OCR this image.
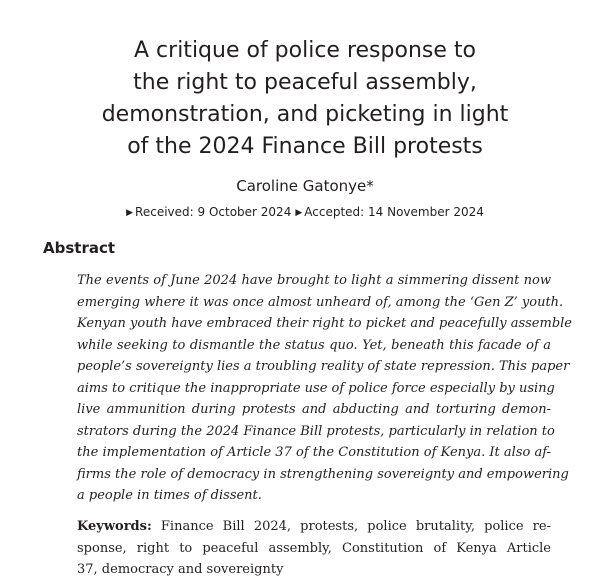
A critique of police response to
the right to peaceful assembly,
demonstration, and picketing in light
of the 2024 Finance Bill protests
Caroline Gatonye*
▶ Received: 9 October 2024 ▶ Accepted: 14 November 2024
Abstract
The events of June 2024 have brought to light a simmering dissent now
emerging where it was once almost unheard of, among the ‘Gen Z’ youth.
Kenyan youth have embraced their right to picket and peacefully assemble
while seeking to dismantle the status quo. Yet, beneath this facade of a
people’s sovereignty lies a troubling reality of state repression. This paper
aims to critique the inappropriate use of police force especially by using
live ammunition during protests and abducting and torturing demon-
strators during the 2024 Finance Bill protests, particularly in relation to
the implementation of Article 37 of the Constitution of Kenya. It also af-
firms the role of democracy in strengthening sovereignty and empowering
a people in times of dissent.
Keywords: Finance Bill 2024, protests, police brutality, police re-
sponse, right to peaceful assembly, Constitution of Kenya Article
37, democracy and sovereignty
